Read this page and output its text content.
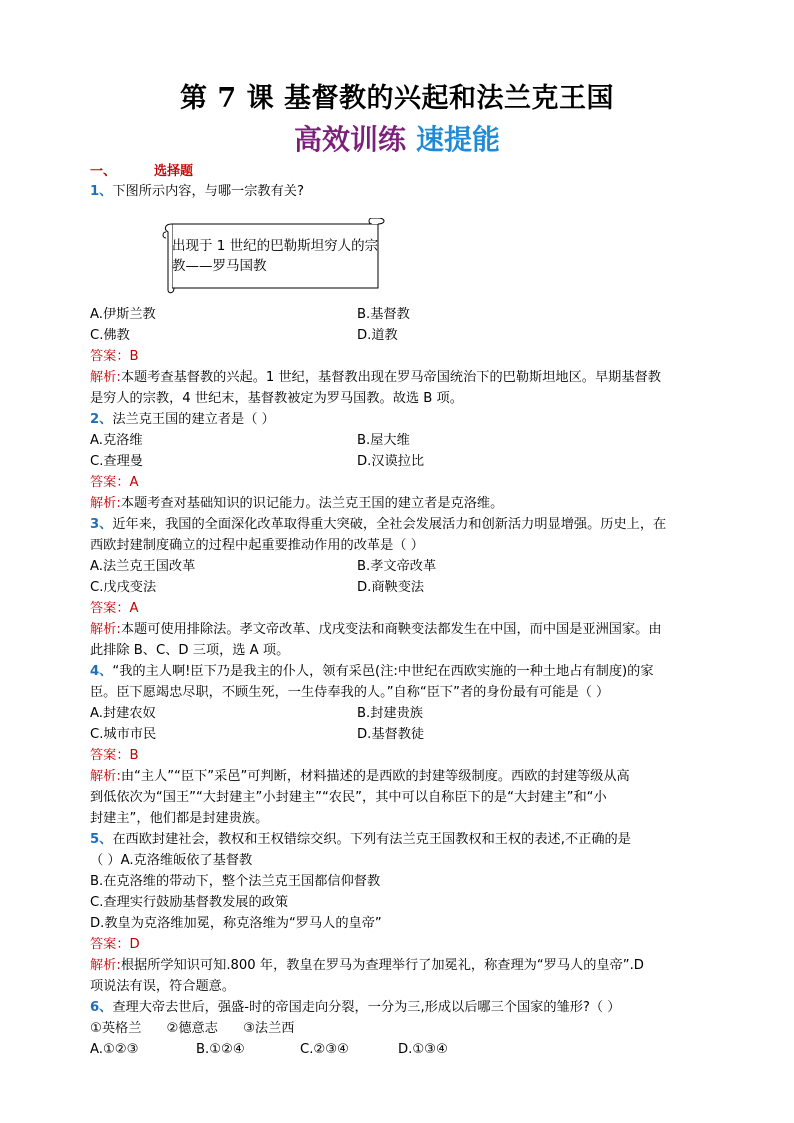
第 7 课 基督教的兴起和法兰克王国
高效训练 速提能
一、	选择题
1、下图所示内容，与哪一宗教有关?
出现于 1 世纪的巴勒斯坦穷人的宗教——罗马国教
A.伊斯兰教	B.基督教
C.佛教	D.道教
答案：B
解析:本题考查基督教的兴起。1 世纪，基督教出现在罗马帝国统治下的巴勒斯坦地区。早期基督教
是穷人的宗教，4 世纪末，基督教被定为罗马国教。故选 B 项。
2、法兰克王国的建立者是（ ）
A.克洛维	B.屋大维
C.查理曼	D.汉谟拉比
答案：A
解析:本题考查对基础知识的识记能力。法兰克王国的建立者是克洛维。
3、近年来，我国的全面深化改革取得重大突破，全社会发展活力和创新活力明显增强。历史上，在
西欧封建制度确立的过程中起重要推动作用的改革是（ ）
A.法兰克王国改革	B.孝文帝改革
C.戊戌变法	D.商鞅变法
答案：A
解析:本题可使用排除法。孝文帝改革、戊戌变法和商鞅变法都发生在中国，而中国是亚洲国家。由
此排除 B、C、D 三项，选 A 项。
4、“我的主人啊!臣下乃是我主的仆人，领有采邑(注:中世纪在西欧实施的一种土地占有制度)的家
臣。臣下愿竭忠尽职，不顾生死，一生侍奉我的人。”自称“臣下”者的身份最有可能是（ ）
A.封建农奴	B.封建贵族
C.城市市民	D.基督教徒
答案：B
解析:由“主人”“臣下”采邑”可判断，材料描述的是西欧的封建等级制度。西欧的封建等级从高
到低依次为“国王”“大封建主”小封建主”“农民”，其中可以自称臣下的是“大封建主”和“小
封建主”，他们都是封建贵族。
5、在西欧封建社会，教权和王权错综交织。下列有法兰克王国教权和王权的表述,不正确的是
（ ）A.克洛维皈依了基督教
B.在克洛维的带动下，整个法兰克王国都信仰督教
C.查理实行鼓励基督教发展的政策
D.教皇为克洛维加冕，称克洛维为“罗马人的皇帝”
答案：D
解析:根据所学知识可知.800 年，教皇在罗马为查理举行了加冕礼，称查理为“罗马人的皇帝”.D
项说法有误，符合题意。
6、查理大帝去世后，强盛-时的帝国走向分裂，一分为三,形成以后哪三个国家的雏形?（ ）
①英格兰      ②德意志      ③法兰西
A.①②③	B.①②④	C.②③④	D.①③④
